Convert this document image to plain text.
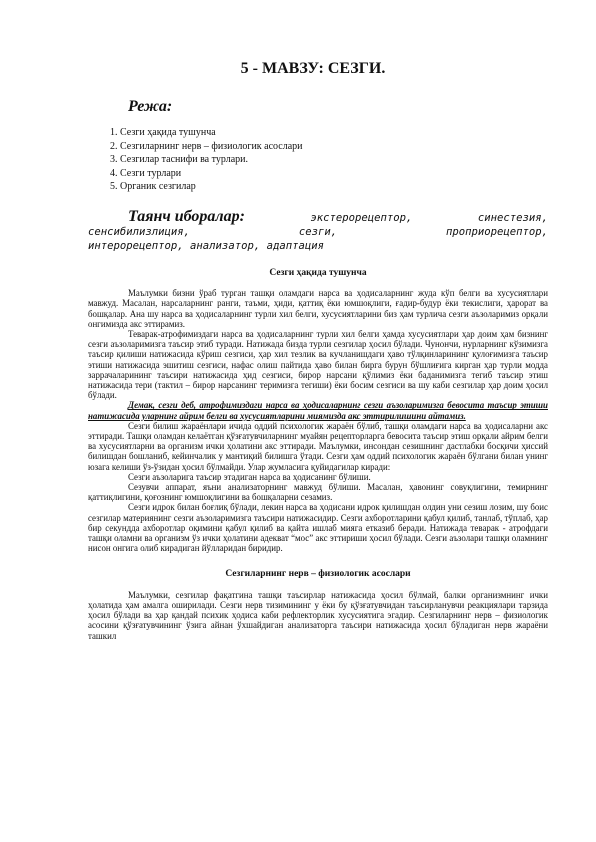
5 - МАВЗУ: СЕЗГИ.
Режа:
1. Сезги ҳақида тушунча
2. Сезгиларнинг нерв – физиологик асослари
3. Сезгилар таснифи ва турлари.
4. Сезги турлари
5. Органик сезгилар
Таянч иборалар:	экстерорецептор,	синестезия,
сенсибилизлиция,	сезги,	проприорецептор,
интерорецептор, анализатор, адаптация
Сезги ҳақида тушунча

Маълумки бизни ўраб турган ташқи оламдаги нарса ва ҳодисаларнинг жуда кўп белги ва хусусиятлари мавжуд. Масалан, нарсаларнинг ранги, таъми, ҳиди, қаттиқ ёки юмшоқлиги, ғадир-будур ёки текислиги, ҳарорат ва бошқалар. Ана шу нарса ва ҳодисаларнинг турли хил белги, хусусиятларини биз ҳам турлича сезги аъзоларимиз орқали онгимизда акс эттирамиз.

Теварак-атрофимиздаги нарса ва ҳодисаларнинг турли хил белги ҳамда хусусиятлари ҳар доим ҳам бизнинг сезги аъзоларимизга таъсир этиб туради. Натижада бизда турли сезгилар ҳосил бўлади. Чунончи, нурларнинг кўзимизга таъсир қилиши натижасида кўриш сезгиси, ҳар хил тезлик ва кучланишдаги ҳаво тўлқинларининг қулоғимизга таъсир этиши натижасида эшитиш сезгиси, нафас олиш пайтида ҳаво билан бирга бурун бўшлиғига кирган ҳар турли модда заррачаларининг таъсири натижасида ҳид сезгиси, бирор нарсани қўлимиз ёки баданимизга тегиб таъсир этиш натижасида тери (тактил – бирор нарсанинг теримизга тегиши) ёки босим сезгиси ва шу каби сезгилар ҳар доим ҳосил бўлади.

Демак, сезги деб, атрофимиздаги нарса ва ҳодисаларнинг сезги аъзоларимизга бевосита таъсир этиши натижасида уларнинг айрим белги ва хусусиятларини миямизда акс эттирилишини айтамиз.

Сезги билиш жараёнлари ичида оддий психологик жараён бўлиб, ташқи оламдаги нарса ва ҳодисаларни акс эттиради. Ташқи оламдан келаётган қўзғатувчиларнинг муайян рецепторларга бевосита таъсир этиш орқали айрим белги ва хусусиятларни ва организм ички ҳолатини акс эттиради. Маълумки, инсондан сезишнинг дастлабки босқичи ҳиссий билишдан бошланиб, кейинчалик у мантиқий билишга ўтади. Сезги ҳам оддий психологик жараён бўлгани билан унинг юзага келиши ўз-ўзидан ҳосил бўлмайди. Улар жумласига қуйидагилар киради:

Сезги аъзоларига таъсир этадиган нарса ва ҳодисанинг бўлиши.

Сезувчи аппарат, яъни анализаторнинг мавжуд бўлиши. Масалан, ҳавонинг совуқлигини, темирнинг қаттиқлигини, қоғознинг юмшоқлигини ва бошқаларни сезамиз.

Сезги идрок билан боғлиқ бўлади, лекин нарса ва ҳодисани идрок қилишдан олдин уни сезиш лозим, шу боис сезгилар материянинг сезги аъзоларимизга таъсири натижасидир. Сезги ахборотларини қабул қилиб, танлаб, тўплаб, ҳар бир секундда ахборотлар оқимини қабул қилиб ва қайта ишлаб мияга етказиб беради. Натижада теварак - атрофдаги ташқи оламни ва организм ўз ички ҳолатини адекват “мос” акс эттириши ҳосил бўлади. Сезги аъзолари ташқи оламнинг нисон онгига олиб кирадиган йўлларидан биридир.

Сезгиларнинг нерв – физиологик асослари

Маълумки, сезгилар фақатгина ташқи таъсирлар натижасида ҳосил бўлмай, балки организмнинг ички ҳолатида ҳам амалга оширилади. Сезги нерв тизимининг у ёки бу қўзғатувчидан таъсирланувчи реакциялари тарзида ҳосил бўлади ва ҳар қандай психик ҳодиса каби рефлекторлик хусусиятига эгадир. Сезгиларнинг нерв – физиологик асосини қўзғатувчининг ўзига айнан ўхшайдиган анализаторга таъсири натижасида ҳосил бўладиган нерв жараёни ташкил
